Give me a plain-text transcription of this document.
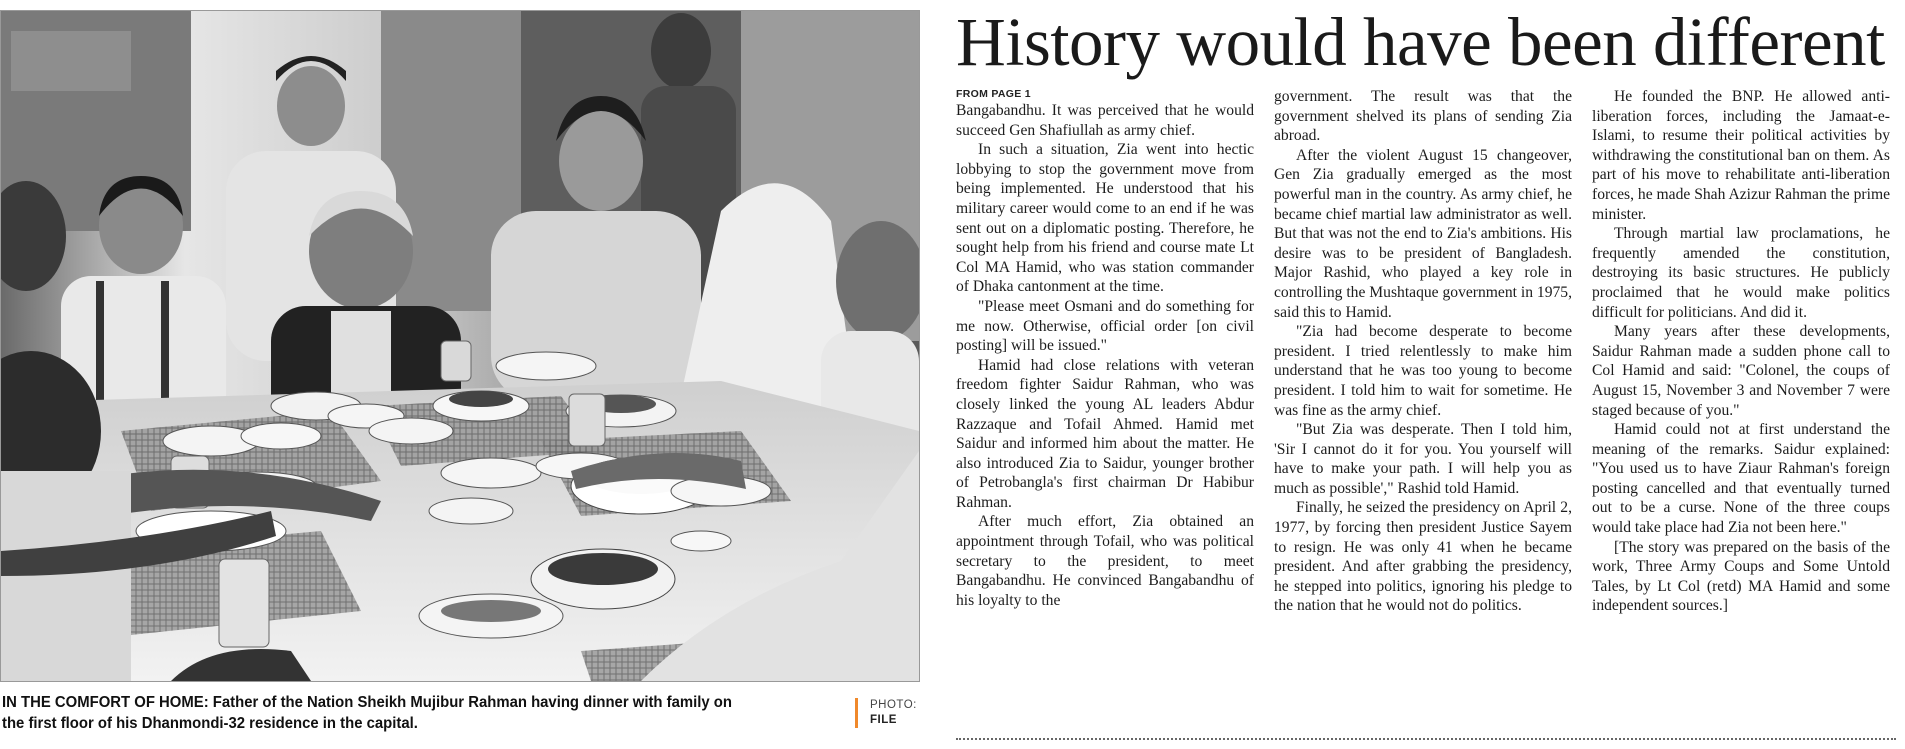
IN THE COMFORT OF HOME: Father of the Nation Sheikh Mujibur Rahman having dinner with family on the first floor of his Dhanmondi-32 residence in the capital.
PHOTO:
FILE
History would have been different
FROM PAGE 1

Bangabandhu. It was perceived that he would succeed Gen Shafiullah as army chief.

In such a situation, Zia went into hectic lobbying to stop the government move from being implemented. He understood that his military career would come to an end if he was sent out on a diplomatic posting. Therefore, he sought help from his friend and course mate Lt Col MA Hamid, who was station commander of Dhaka cantonment at the time.

"Please meet Osmani and do something for me now. Otherwise, official order [on civil posting] will be issued."

Hamid had close relations with veteran freedom fighter Saidur Rahman, who was closely linked the young AL leaders Abdur Razzaque and Tofail Ahmed. Hamid met Saidur and informed him about the matter. He also introduced Zia to Saidur, younger brother of Petrobangla's first chairman Dr Habibur Rahman.

After much effort, Zia obtained an appointment through Tofail, who was political secretary to the president, to meet Bangabandhu. He convinced Bangabandhu of his loyalty to the

government. The result was that the government shelved its plans of sending Zia abroad.

After the violent August 15 changeover, Gen Zia gradually emerged as the most powerful man in the country. As army chief, he became chief martial law administrator as well. But that was not the end to Zia's ambitions. His desire was to be president of Bangladesh. Major Rashid, who played a key role in controlling the Mushtaque government in 1975, said this to Hamid.

"Zia had become desperate to become president. I tried relentlessly to make him understand that he was too young to become president. I told him to wait for sometime. He was fine as the army chief.

"But Zia was desperate. Then I told him, 'Sir I cannot do it for you. You yourself will have to make your path. I will help you as much as possible'," Rashid told Hamid.

Finally, he seized the presidency on April 2, 1977, by forcing then president Justice Sayem to resign. He was only 41 when he became president. And after grabbing the presidency, he stepped into politics, ignoring his pledge to the nation that he would not do politics.

He founded the BNP. He allowed anti-liberation forces, including the Jamaat-e-Islami, to resume their political activities by withdrawing the constitutional ban on them. As part of his move to rehabilitate anti-liberation forces, he made Shah Azizur Rahman the prime minister.

Through martial law proclamations, he frequently amended the constitution, destroying its basic structures. He publicly proclaimed that he would make politics difficult for politicians. And did it.

Many years after these developments, Saidur Rahman made a sudden phone call to Col Hamid and said: "Colonel, the coups of August 15, November 3 and November 7 were staged because of you."

Hamid could not at first understand the meaning of the remarks. Saidur explained: "You used us to have Ziaur Rahman's foreign posting cancelled and that eventually turned out to be a curse. None of the three coups would take place had Zia not been here."

[The story was prepared on the basis of the work, Three Army Coups and Some Untold Tales, by Lt Col (retd) MA Hamid and some independent sources.]
